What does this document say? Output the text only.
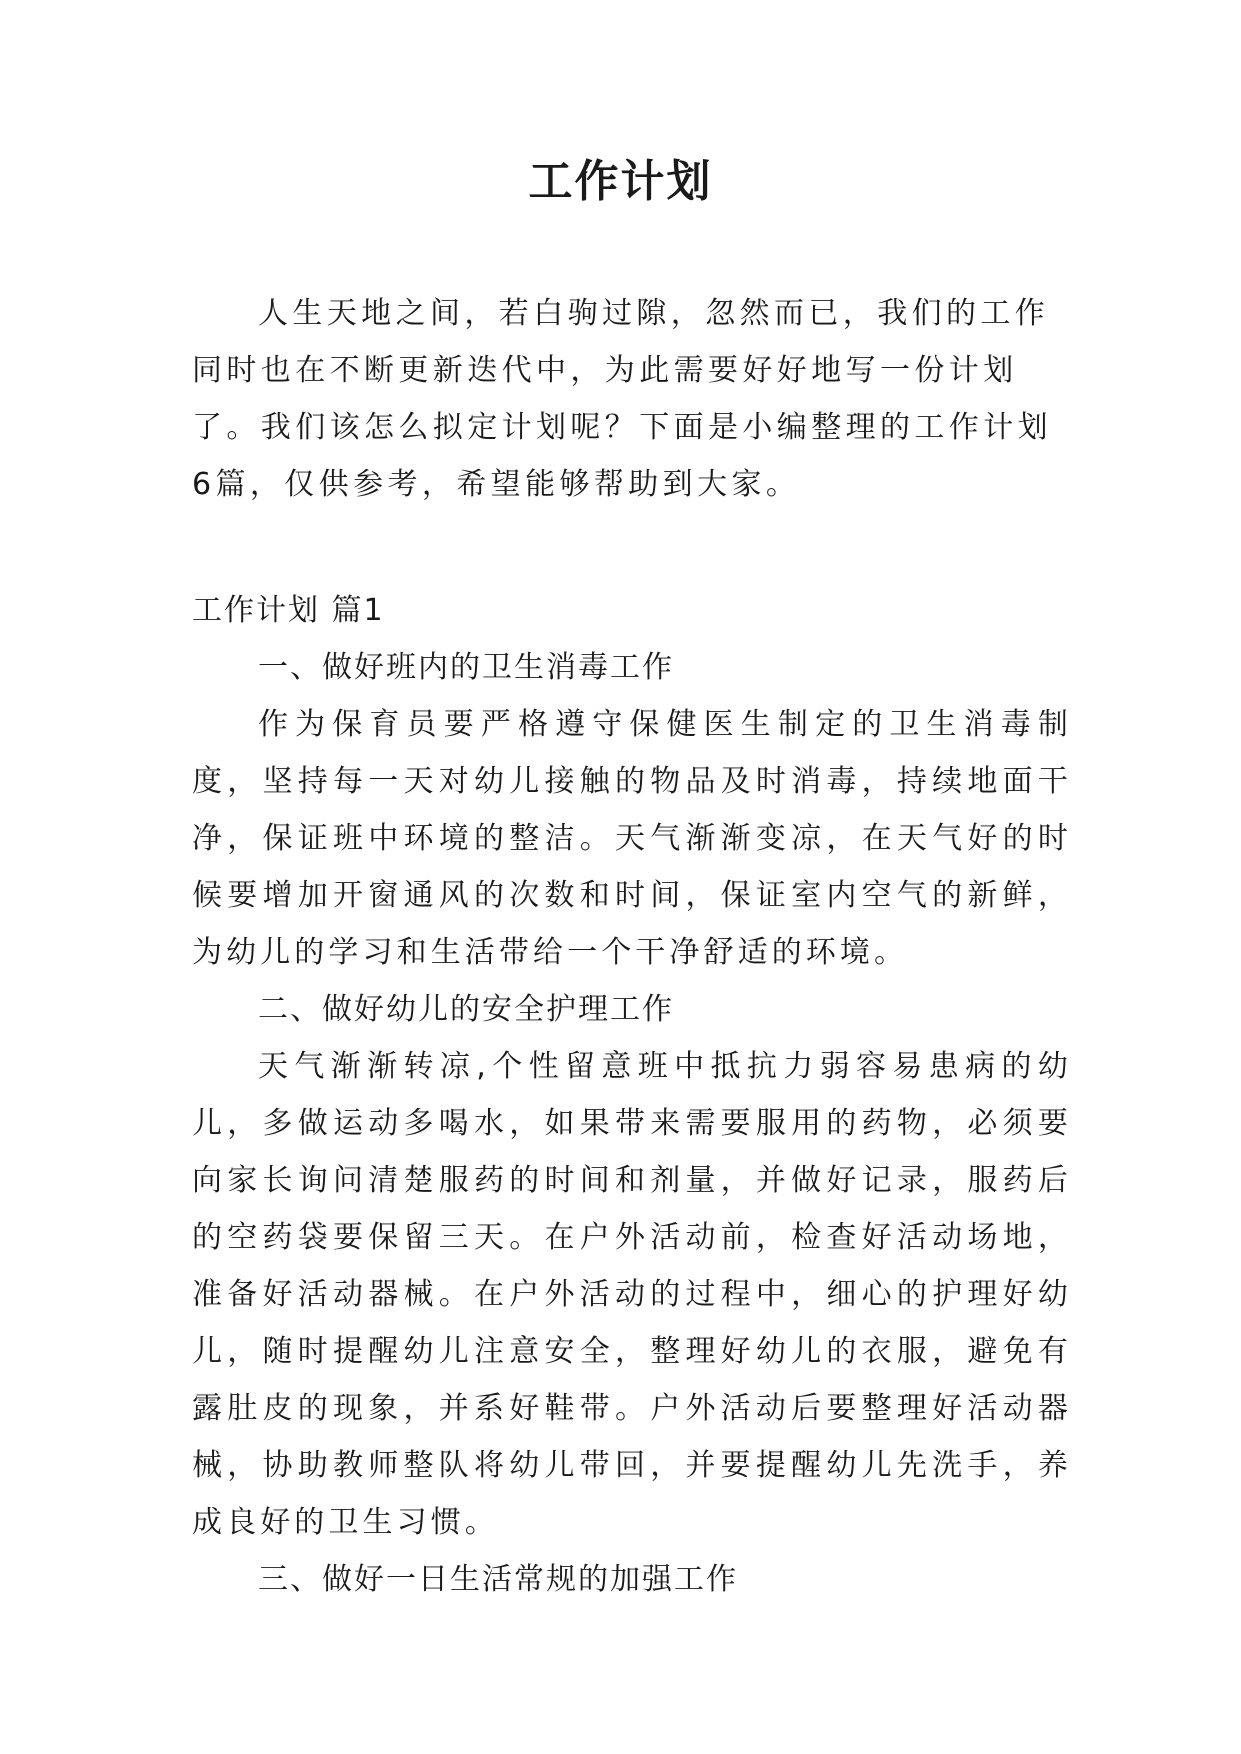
工作计划

人生天地之间，若白驹过隙，忽然而已，我们的工作同时也在不断更新迭代中，为此需要好好地写一份计划了。我们该怎么拟定计划呢？下面是小编整理的工作计划6篇，仅供参考，希望能够帮助到大家。

工作计划 篇1

一、做好班内的卫生消毒工作

作为保育员要严格遵守保健医生制定的卫生消毒制度，坚持每一天对幼儿接触的物品及时消毒，持续地面干净，保证班中环境的整洁。天气渐渐变凉，在天气好的时候要增加开窗通风的次数和时间，保证室内空气的新鲜，为幼儿的学习和生活带给一个干净舒适的环境。

二、做好幼儿的安全护理工作

天气渐渐转凉,个性留意班中抵抗力弱容易患病的幼儿，多做运动多喝水，如果带来需要服用的药物，必须要向家长询问清楚服药的时间和剂量，并做好记录，服药后的空药袋要保留三天。在户外活动前，检查好活动场地，准备好活动器械。在户外活动的过程中，细心的护理好幼儿，随时提醒幼儿注意安全，整理好幼儿的衣服，避免有露肚皮的现象，并系好鞋带。户外活动后要整理好活动器械，协助教师整队将幼儿带回，并要提醒幼儿先洗手，养成良好的卫生习惯。

三、做好一日生活常规的加强工作
